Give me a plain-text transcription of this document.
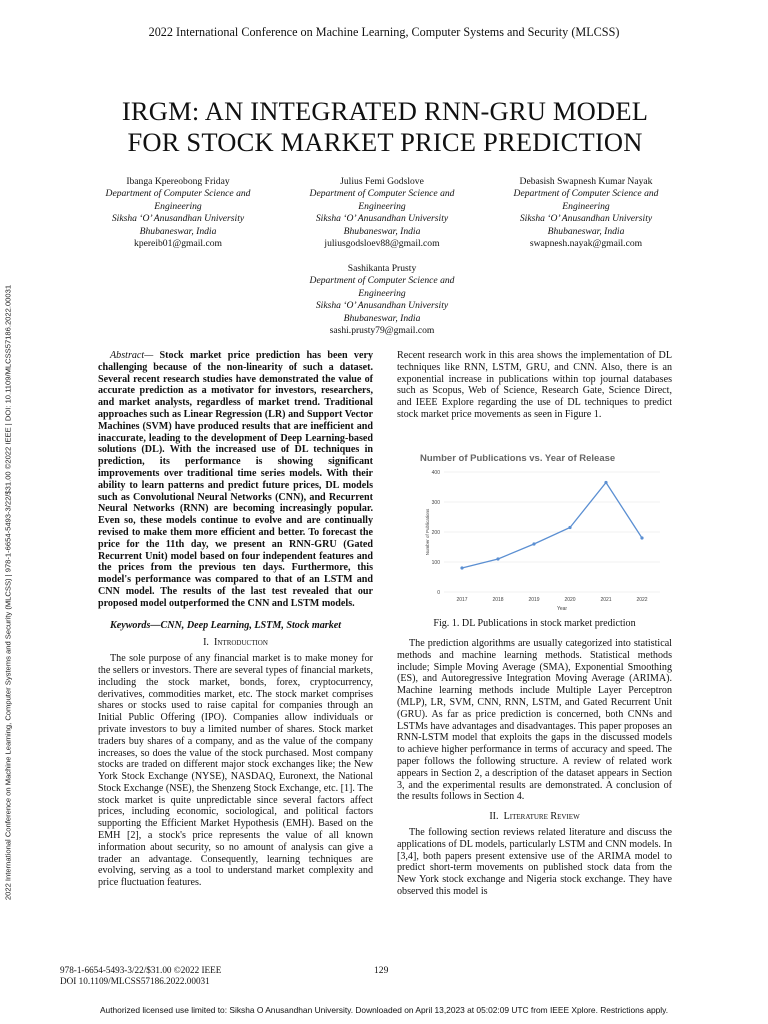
2022 International Conference on Machine Learning, Computer Systems and Security (MLCSS)
IRGM: AN INTEGRATED RNN-GRU MODEL
FOR STOCK MARKET PRICE PREDICTION
2022 International Conference on Machine Learning, Computer Systems and Security (MLCSS) | 978-1-6654-5493-3/22/$31.00 ©2022 IEEE | DOI: 10.1109/MLCSS57186.2022.00031
Ibanga Kpereobong Friday
Department of Computer Science and
Engineering
Siksha ‘O’ Anusandhan University
Bhubaneswar, India
kpereib01@gmail.com
Julius Femi Godslove
Department of Computer Science and
Engineering
Siksha ‘O’ Anusandhan University
Bhubaneswar, India
juliusgodsloev88@gmail.com
Debasish Swapnesh Kumar Nayak
Department of Computer Science and
Engineering
Siksha ‘O’ Anusandhan University
Bhubaneswar, India
swapnesh.nayak@gmail.com
Sashikanta Prusty
Department of Computer Science and
Engineering
Siksha ‘O’ Anusandhan University
Bhubaneswar, India
sashi.prusty79@gmail.com

Abstract— Stock market price prediction has been very challenging because of the non-linearity of such a dataset. Several recent research studies have demonstrated the value of accurate prediction as a motivator for investors, researchers, and market analysts, regardless of market trend. Traditional approaches such as Linear Regression (LR) and Support Vector Machines (SVM) have produced results that are inefficient and inaccurate, leading to the development of Deep Learning-based solutions (DL). With the increased use of DL techniques in prediction, its performance is showing significant improvements over traditional time series models. With their ability to learn patterns and predict future prices, DL models such as Convolutional Neural Networks (CNN), and Recurrent Neural Networks (RNN) are becoming increasingly popular. Even so, these models continue to evolve and are continually revised to make them more efficient and better. To forecast the price for the 11th day, we present an RNN-GRU (Gated Recurrent Unit) model based on four independent features and the prices from the previous ten days. Furthermore, this model's performance was compared to that of an LSTM and CNN model. The results of the last test revealed that our proposed model outperformed the CNN and LSTM models.

Keywords—CNN, Deep Learning, LSTM, Stock market

I. Introduction

The sole purpose of any financial market is to make money for the sellers or investors. There are several types of financial markets, including the stock market, bonds, forex, cryptocurrency, derivatives, commodities market, etc. The stock market comprises shares or stocks used to raise capital for companies through an Initial Public Offering (IPO). Companies allow individuals or private investors to buy a limited number of shares. Stock market traders buy shares of a company, and as the value of the company increases, so does the value of the stock purchased. Most company stocks are traded on different major stock exchanges like; the New York Stock Exchange (NYSE), NASDAQ, Euronext, the National Stock Exchange (NSE), the Shenzeng Stock Exchange, etc. [1]. The stock market is quite unpredictable since several factors affect prices, including economic, sociological, and political factors supporting the Efficient Market Hypothesis (EMH). Based on the EMH [2], a stock's price represents the value of all known information about security, so no amount of analysis can give a trader an advantage. Consequently, learning techniques are evolving, serving as a tool to understand market complexity and price fluctuation features.

Recent research work in this area shows the implementation of DL techniques like RNN, LSTM, GRU, and CNN. Also, there is an exponential increase in publications within top journal databases such as Scopus, Web of Science, Research Gate, Science Direct, and IEEE Explore regarding the use of DL techniques to predict stock market price movements as seen in Figure 1.

Number of Publications vs. Year of Release
Number of Publications
Year
0
100
200
300
400
2017	2018	2019	2020	2021	2022
Fig. 1. DL Publications in stock market prediction

The prediction algorithms are usually categorized into statistical methods and machine learning methods. Statistical methods include; Simple Moving Average (SMA), Exponential Smoothing (ES), and Autoregressive Integration Moving Average (ARIMA). Machine learning methods include Multiple Layer Perceptron (MLP), LR, SVM, CNN, RNN, LSTM, and Gated Recurrent Unit (GRU). As far as price prediction is concerned, both CNNs and LSTMs have advantages and disadvantages. This paper proposes an RNN-LSTM model that exploits the gaps in the discussed models to achieve higher performance in terms of accuracy and speed. The paper follows the following structure. A review of related work appears in Section 2, a description of the dataset appears in Section 3, and the experimental results are demonstrated. A conclusion of the results follows in Section 4.

II. Literature Review

The following section reviews related literature and discuss the applications of DL models, particularly LSTM and CNN models. In [3,4], both papers present extensive use of the ARIMA model to predict short-term movements on published stock data from the New York stock exchange and Nigeria stock exchange. They have observed this model is

978-1-6654-5493-3/22/$31.00 ©2022 IEEE
DOI 10.1109/MLCSS57186.2022.00031
129
Authorized licensed use limited to: Siksha O Anusandhan University. Downloaded on April 13,2023 at 05:02:09 UTC from IEEE Xplore. Restrictions apply.
